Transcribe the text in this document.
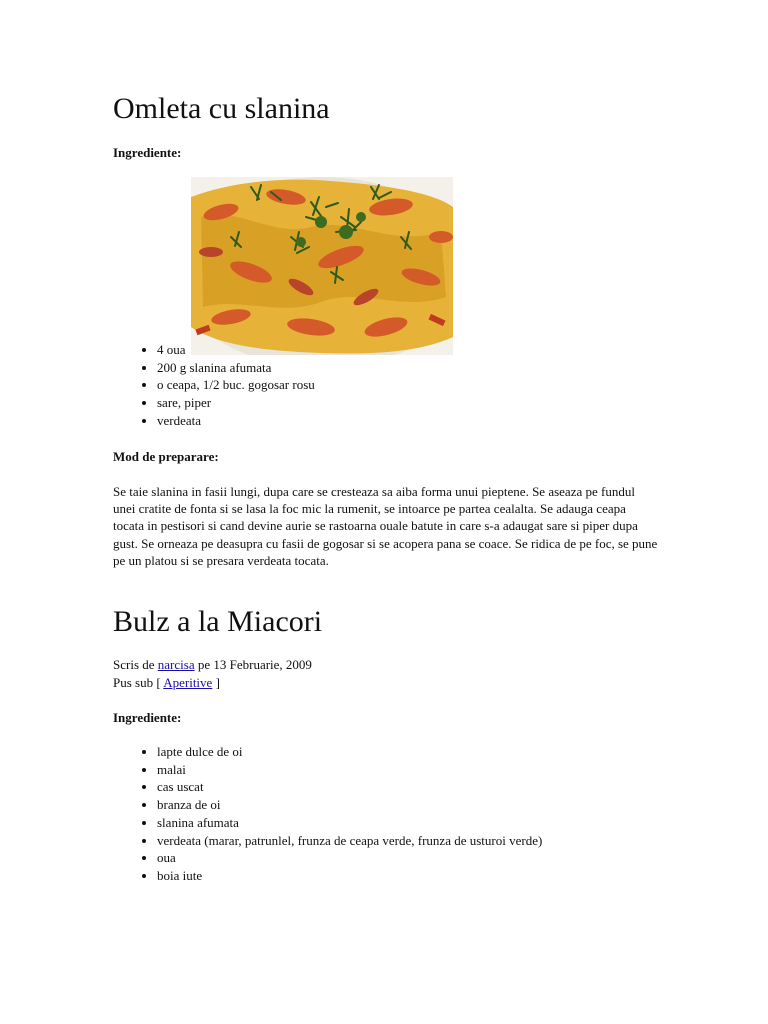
Omleta cu slanina

Ingrediente:

• 4 oua
• 200 g slanina afumata
• o ceapa, 1/2 buc. gogosar rosu
• sare, piper
• verdeata

Mod de preparare:

Se taie slanina in fasii lungi, dupa care se cresteaza sa aiba forma unui pieptene. Se aseaza pe fundul unei cratite de fonta si se lasa la foc mic la rumenit, se intoarce pe partea cealalta. Se adauga ceapa tocata in pestisori si cand devine aurie se rastoarna ouale batute in care s-a adaugat sare si piper dupa gust. Se orneaza pe deasupra cu fasii de gogosar si se acopera pana se coace. Se ridica de pe foc, se pune pe un platou si se presara verdeata tocata.

Bulz a la Miacori
Scris de narcisa pe 13 Februarie, 2009
Pus sub [ Aperitive ]

Ingrediente:

• lapte dulce de oi
• malai
• cas uscat
• branza de oi
• slanina afumata
• verdeata (marar, patrunlel, frunza de ceapa verde, frunza de usturoi verde)
• oua
• boia iute
